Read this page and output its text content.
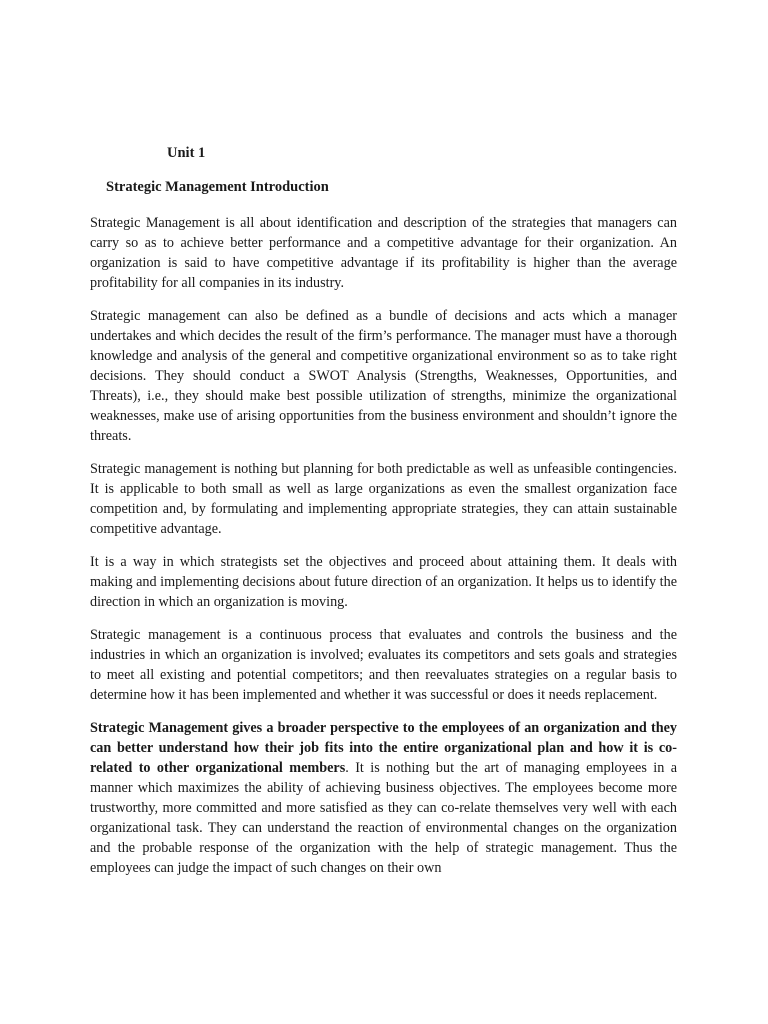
Unit 1
Strategic Management Introduction

Strategic Management is all about identification and description of the strategies that managers can carry so as to achieve better performance and a competitive advantage for their organization. An organization is said to have competitive advantage if its profitability is higher than the average profitability for all companies in its industry.

Strategic management can also be defined as a bundle of decisions and acts which a manager undertakes and which decides the result of the firm’s performance. The manager must have a thorough knowledge and analysis of the general and competitive organizational environment so as to take right decisions. They should conduct a SWOT Analysis (Strengths, Weaknesses, Opportunities, and Threats), i.e., they should make best possible utilization of strengths, minimize the organizational weaknesses, make use of arising opportunities from the business environment and shouldn’t ignore the threats.

Strategic management is nothing but planning for both predictable as well as unfeasible contingencies. It is applicable to both small as well as large organizations as even the smallest organization face competition and, by formulating and implementing appropriate strategies, they can attain sustainable competitive advantage.

It is a way in which strategists set the objectives and proceed about attaining them. It deals with making and implementing decisions about future direction of an organization. It helps us to identify the direction in which an organization is moving.

Strategic management is a continuous process that evaluates and controls the business and the industries in which an organization is involved; evaluates its competitors and sets goals and strategies to meet all existing and potential competitors; and then reevaluates strategies on a regular basis to determine how it has been implemented and whether it was successful or does it needs replacement.

Strategic Management gives a broader perspective to the employees of an organization and they can better understand how their job fits into the entire organizational plan and how it is co-related to other organizational members. It is nothing but the art of managing employees in a manner which maximizes the ability of achieving business objectives. The employees become more trustworthy, more committed and more satisfied as they can co-relate themselves very well with each organizational task. They can understand the reaction of environmental changes on the organization and the probable response of the organization with the help of strategic management. Thus the employees can judge the impact of such changes on their own
